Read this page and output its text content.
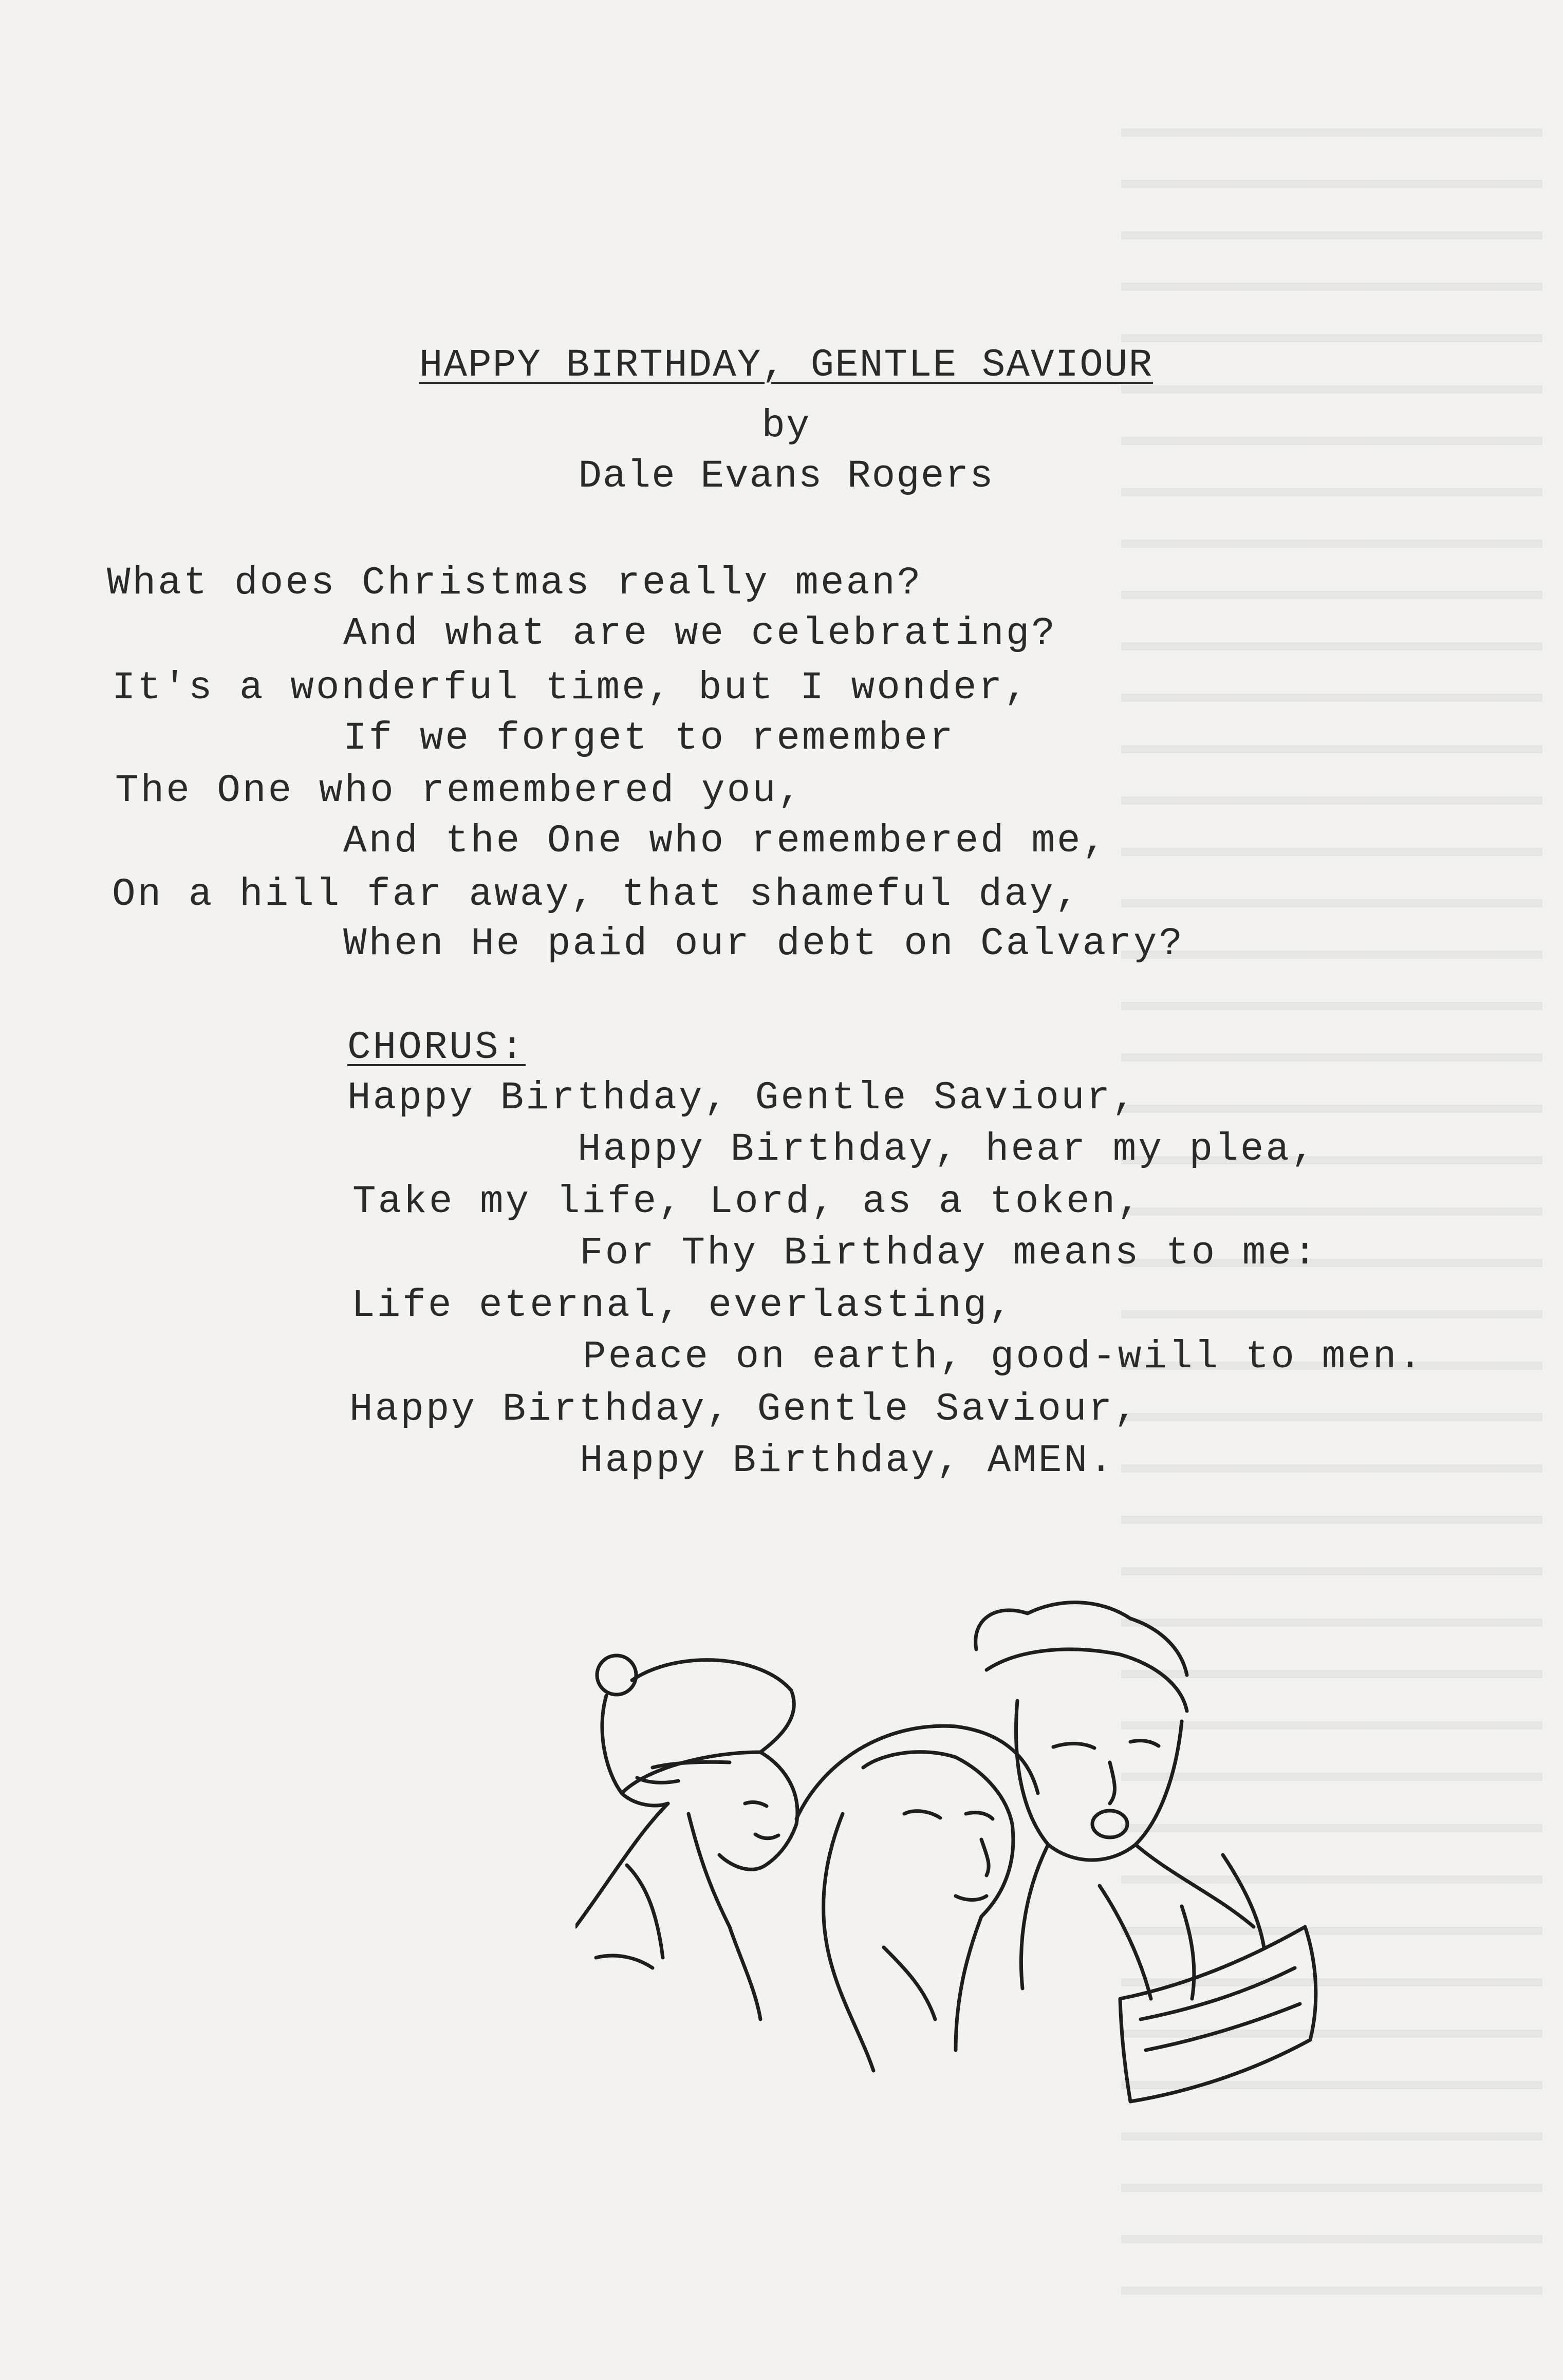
HAPPY BIRTHDAY, GENTLE SAVIOUR
by
Dale Evans Rogers
What does Christmas really mean?
And what are we celebrating?
It's a wonderful time, but I wonder,
If we forget to remember
The One who remembered you,
And the One who remembered me,
On a hill far away, that shameful day,
When He paid our debt on Calvary?
CHORUS:
Happy Birthday, Gentle Saviour,
Happy Birthday, hear my plea,
Take my life, Lord, as a token,
For Thy Birthday means to me:
Life eternal, everlasting,
Peace on earth, good-will to men.
Happy Birthday, Gentle Saviour,
Happy Birthday, AMEN.
